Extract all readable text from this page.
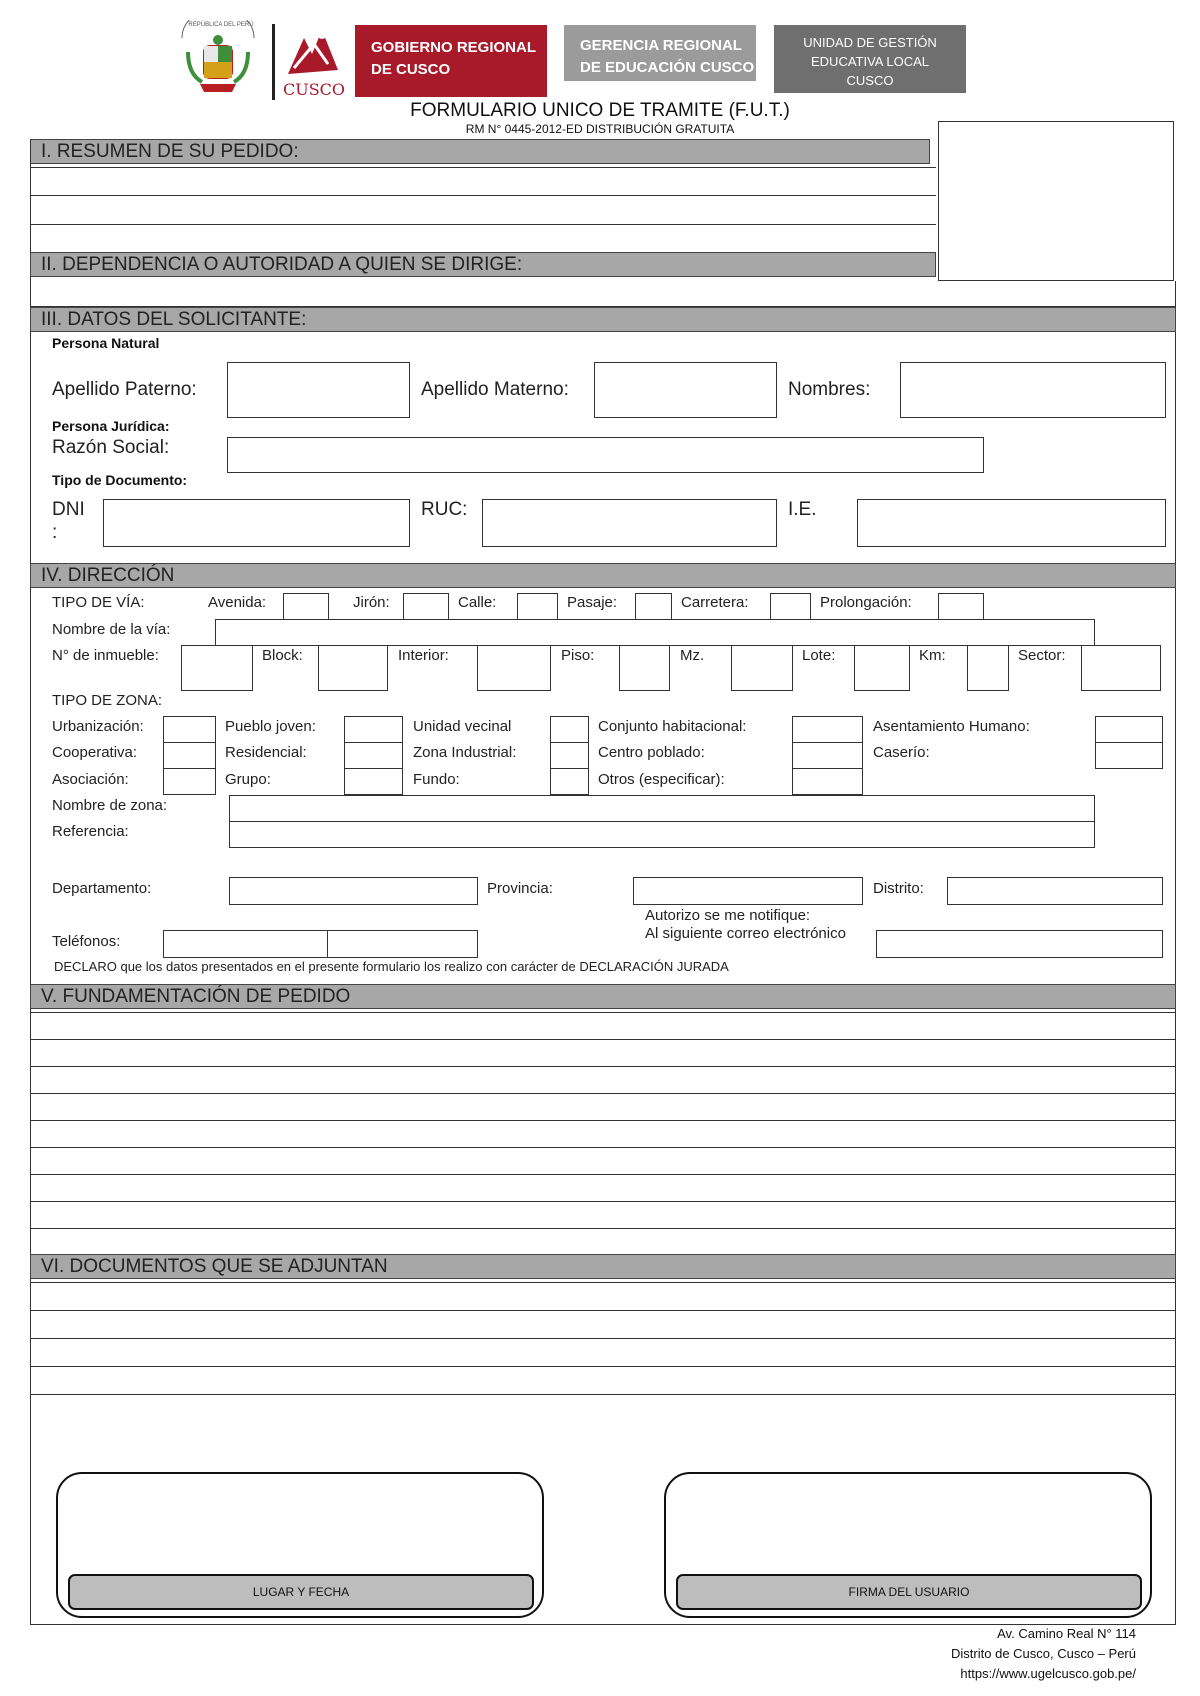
REPÚBLICA DEL PERÚ
CUSCO
GOBIERNO REGIONAL
DE CUSCO
GERENCIA REGIONAL
DE EDUCACIÓN CUSCO
UNIDAD DE GESTIÓN
EDUCATIVA LOCAL
CUSCO
FORMULARIO UNICO DE TRAMITE (F.U.T.)
RM N° 0445-2012-ED DISTRIBUCIÓN GRATUITA
I. RESUMEN DE SU PEDIDO:
II. DEPENDENCIA O AUTORIDAD A QUIEN SE DIRIGE:
III. DATOS DEL SOLICITANTE:
Persona Natural
Apellido Paterno:	Apellido Materno:	Nombres:
Persona Jurídica:
Razón Social:
Tipo de Documento:
DNI
:
RUC:	I.E.
IV. DIRECCIÓN
TIPO DE VÍA:	Avenida:	Jirón:	Calle:	Pasaje:	Carretera:	Prolongación:
Nombre de la vía:
N° de inmueble:	Block:	Interior:	Piso:	Mz.	Lote:	Km:	Sector:
TIPO DE ZONA:
Urbanización:	Pueblo joven:	Unidad vecinal	Conjunto habitacional:	Asentamiento Humano:
Cooperativa:	Residencial:	Zona Industrial:	Centro poblado:	Caserío:
Asociación:	Grupo:	Fundo:	Otros (especificar):
Nombre de zona:
Referencia:
Departamento:	Provincia:	Distrito:
Autorizo se me notifique:
Al siguiente correo electrónico
Teléfonos:
DECLARO que los datos presentados en el presente formulario los realizo con carácter de DECLARACIÓN JURADA
V. FUNDAMENTACIÓN DE PEDIDO
VI. DOCUMENTOS QUE SE ADJUNTAN
LUGAR Y FECHA	FIRMA DEL USUARIO
Av. Camino Real N° 114
Distrito de Cusco, Cusco – Perú
https://www.ugelcusco.gob.pe/
